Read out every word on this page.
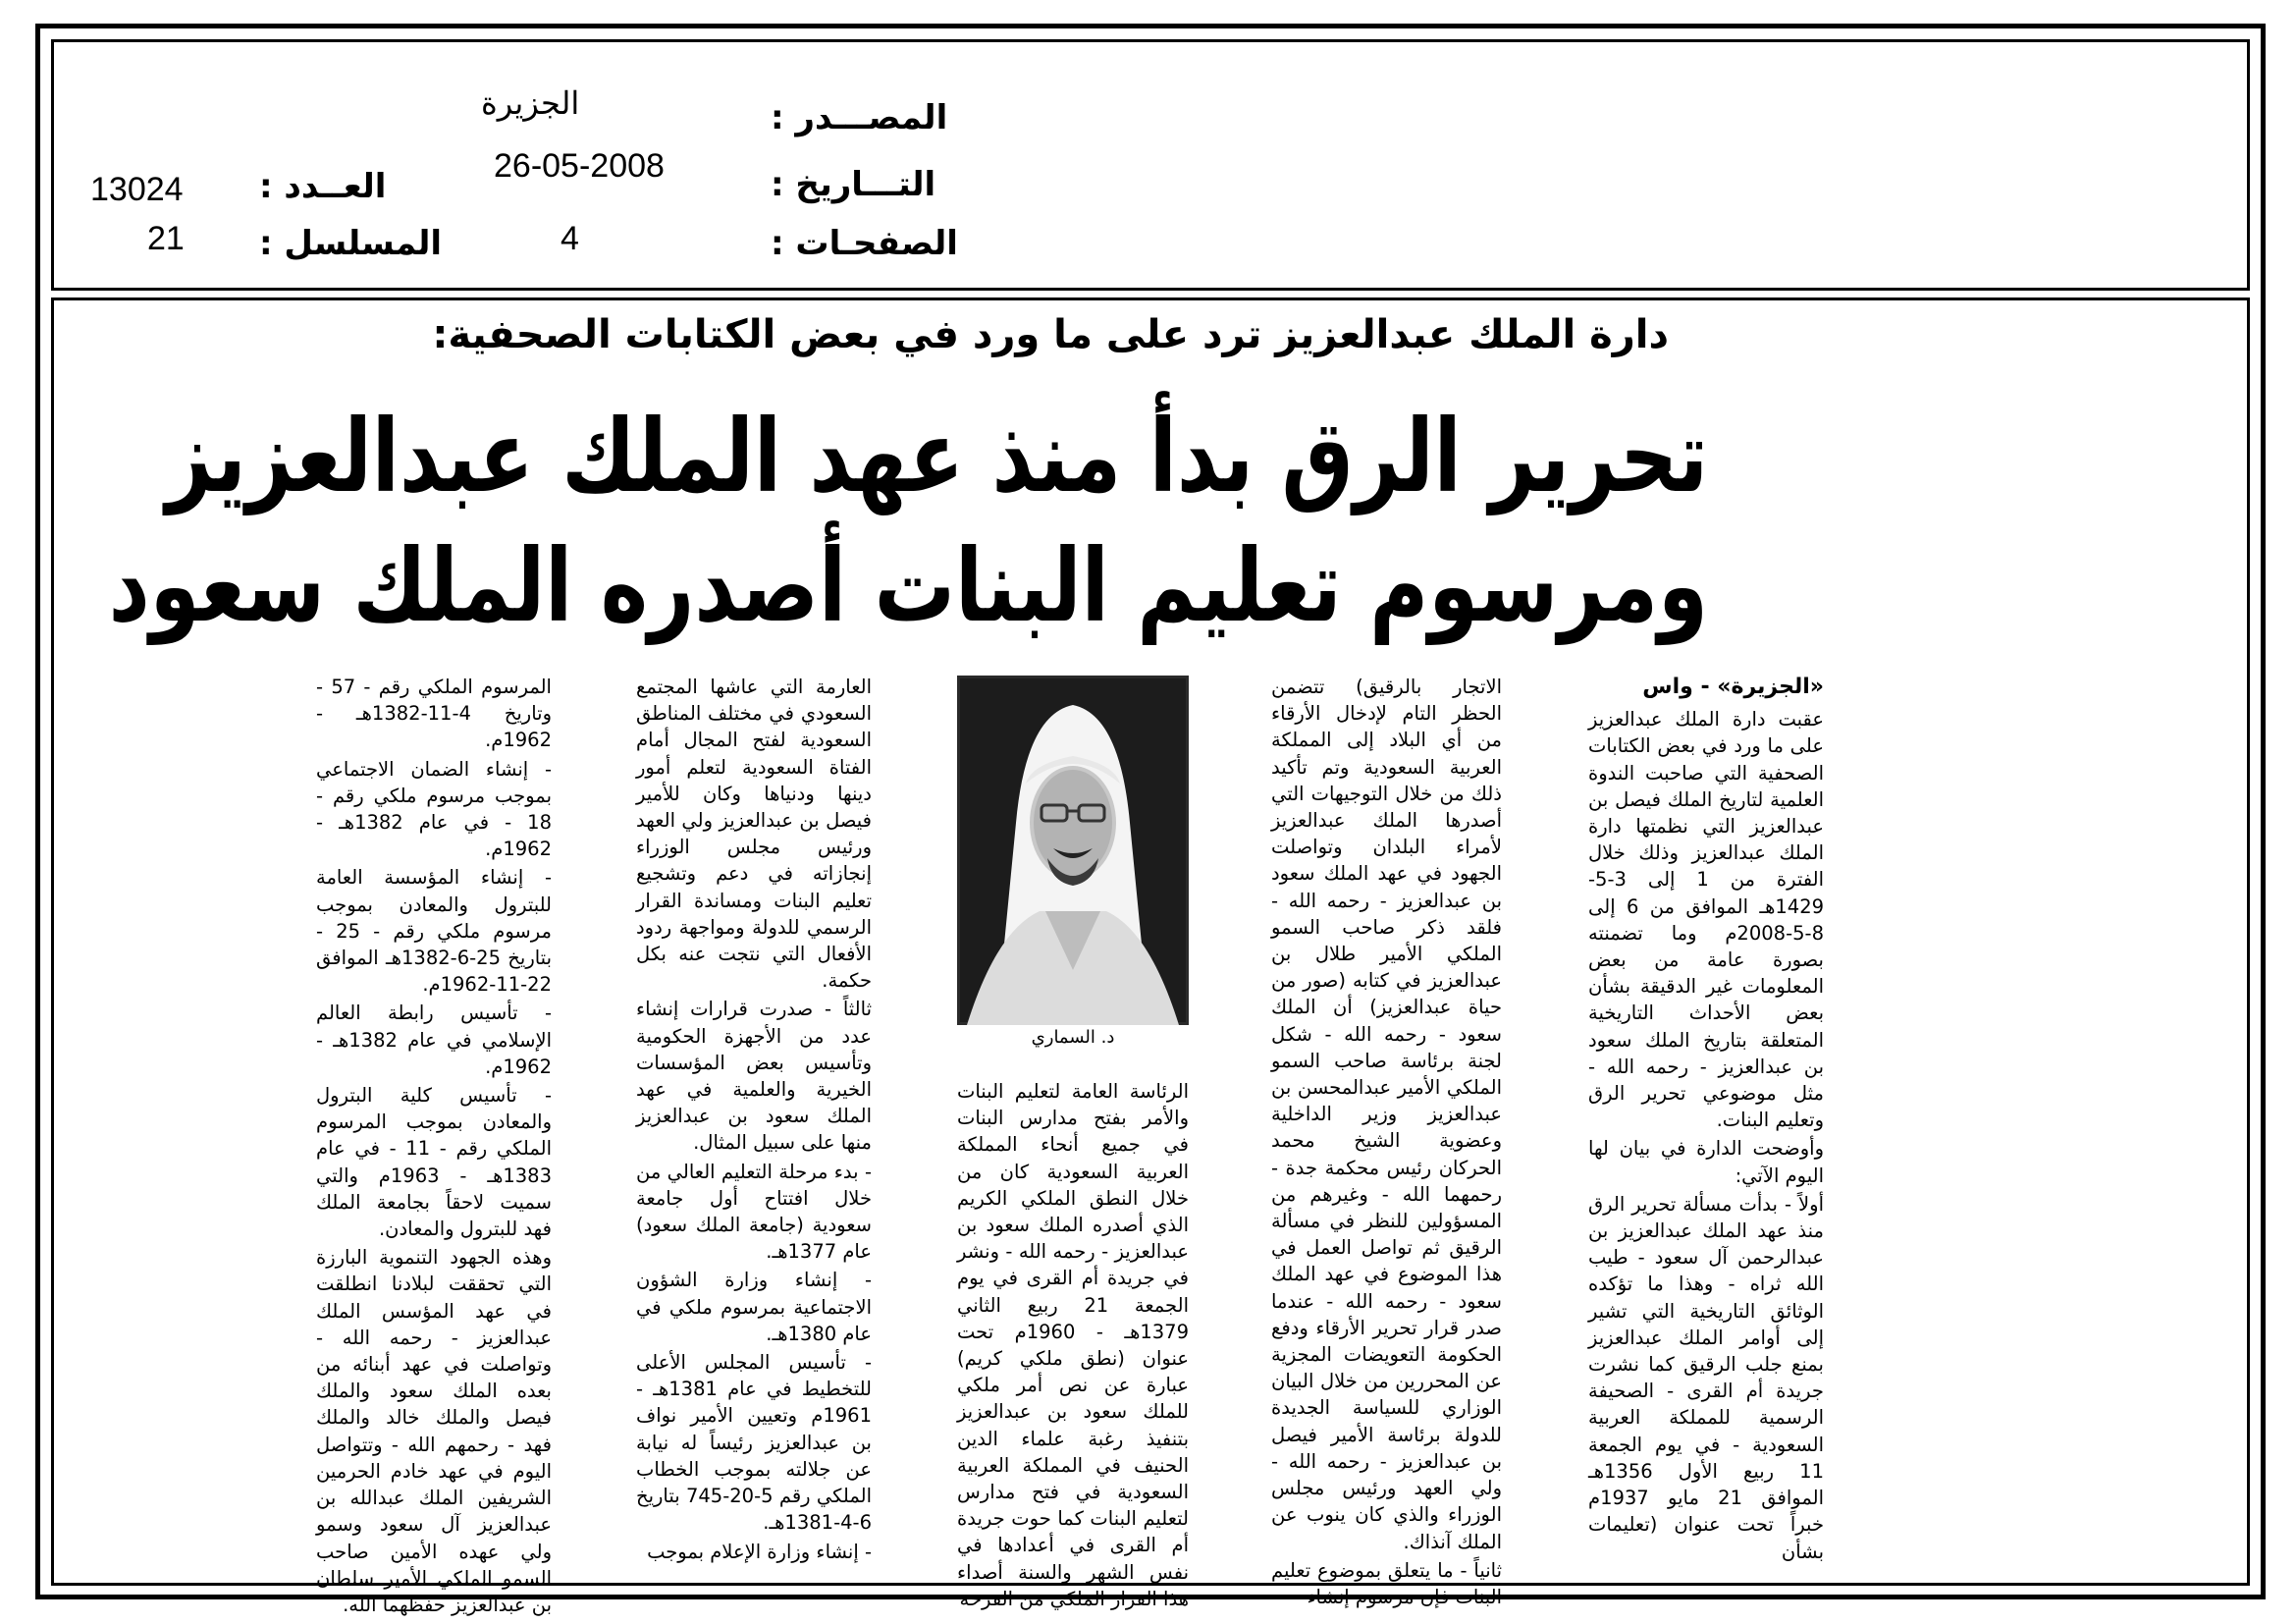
الجزيرة	المصـــدر :
26-05-2008	التـــاريخ :
4	الصفحـات :
13024 العــدد :
21 المسلسل :
دارة الملك عبدالعزيز ترد على ما ورد في بعض الكتابات الصحفية:
تحرير الرق بدأ منذ عهد الملك عبدالعزيز
ومرسوم تعليم البنات أصدره الملك سعود

«الجزيرة» - واس

عقبت دارة الملك عبدالعزيز على ما ورد في بعض الكتابات الصحفية التي صاحبت الندوة العلمية لتاريخ الملك فيصل بن عبدالعزيز التي نظمتها دارة الملك عبدالعزيز وذلك خلال الفترة من 1 إلى 3-5-1429هـ الموافق من 6 إلى 8-5-2008م وما تضمنته بصورة عامة من بعض المعلومات غير الدقيقة بشأن بعض الأحداث التاريخية المتعلقة بتاريخ الملك سعود بن عبدالعزيز - رحمه الله - مثل موضوعي تحرير الرق وتعليم البنات.

وأوضحت الدارة في بيان لها اليوم الآتي:

أولاً - بدأت مسألة تحرير الرق منذ عهد الملك عبدالعزيز بن عبدالرحمن آل سعود - طيب الله ثراه - وهذا ما تؤكده الوثائق التاريخية التي تشير إلى أوامر الملك عبدالعزيز بمنع جلب الرقيق كما نشرت جريدة أم القرى - الصحيفة الرسمية للمملكة العربية السعودية - في يوم الجمعة 11 ربيع الأول 1356هـ الموافق 21 مايو 1937م خبراً تحت عنوان (تعليمات بشأن

الاتجار بالرقيق) تتضمن الحظر التام لإدخال الأرقاء من أي البلاد إلى المملكة العربية السعودية وتم تأكيد ذلك من خلال التوجيهات التي أصدرها الملك عبدالعزيز لأمراء البلدان وتواصلت الجهود في عهد الملك سعود بن عبدالعزيز - رحمه الله - فلقد ذكر صاحب السمو الملكي الأمير طلال بن عبدالعزيز في كتابه (صور من حياة عبدالعزيز) أن الملك سعود - رحمه الله - شكل لجنة برئاسة صاحب السمو الملكي الأمير عبدالمحسن بن عبدالعزيز وزير الداخلية وعضوية الشيخ محمد الحركان رئيس محكمة جدة - رحمهما الله - وغيرهم من المسؤولين للنظر في مسألة الرقيق ثم تواصل العمل في هذا الموضوع في عهد الملك سعود - رحمه الله - عندما صدر قرار تحرير الأرقاء ودفع الحكومة التعويضات المجزية عن المحررين من خلال البيان الوزاري للسياسة الجديدة للدولة برئاسة الأمير فيصل بن عبدالعزيز - رحمه الله - ولي العهد ورئيس مجلس الوزراء والذي كان ينوب عن الملك آنذاك.

ثانياً - ما يتعلق بموضوع تعليم البنات فإن مرسوم إنشاء

د. السماري

الرئاسة العامة لتعليم البنات والأمر بفتح مدارس البنات في جميع أنحاء المملكة العربية السعودية كان من خلال النطق الملكي الكريم الذي أصدره الملك سعود بن عبدالعزيز - رحمه الله - ونشر في جريدة أم القرى في يوم الجمعة 21 ربيع الثاني 1379هـ - 1960م تحت عنوان (نطق ملكي كريم) عبارة عن نص أمر ملكي للملك سعود بن عبدالعزيز بتنفيذ رغبة علماء الدين الحنيف في المملكة العربية السعودية في فتح مدارس لتعليم البنات كما حوت جريدة أم القرى في أعدادها في نفس الشهر والسنة أصداء هذا القرار الملكي من الفرحة

العارمة التي عاشها المجتمع السعودي في مختلف المناطق السعودية لفتح المجال أمام الفتاة السعودية لتعلم أمور دينها ودنياها وكان للأمير فيصل بن عبدالعزيز ولي العهد ورئيس مجلس الوزراء إنجازاته في دعم وتشجيع تعليم البنات ومساندة القرار الرسمي للدولة ومواجهة ردود الأفعال التي نتجت عنه بكل حكمة.

ثالثاً - صدرت قرارات إنشاء عدد من الأجهزة الحكومية وتأسيس بعض المؤسسات الخيرية والعلمية في عهد الملك سعود بن عبدالعزيز منها على سبيل المثال.

- بدء مرحلة التعليم العالي من خلال افتتاح أول جامعة سعودية (جامعة الملك سعود) عام 1377هـ.

- إنشاء وزارة الشؤون الاجتماعية بمرسوم ملكي في عام 1380هـ.

- تأسيس المجلس الأعلى للتخطيط في عام 1381هـ - 1961م وتعيين الأمير نواف بن عبدالعزيز رئيساً له نيابة عن جلالته بموجب الخطاب الملكي رقم 5-20-745 بتاريخ 6-4-1381هـ.

- إنشاء وزارة الإعلام بموجب

المرسوم الملكي رقم - 57 - وتاريخ 4-11-1382هـ - 1962م.

- إنشاء الضمان الاجتماعي بموجب مرسوم ملكي رقم - 18 - في عام 1382هـ - 1962م.

- إنشاء المؤسسة العامة للبترول والمعادن بموجب مرسوم ملكي رقم - 25 - بتاريخ 25-6-1382هـ الموافق 22-11-1962م.

- تأسيس رابطة العالم الإسلامي في عام 1382هـ - 1962م.

- تأسيس كلية البترول والمعادن بموجب المرسوم الملكي رقم - 11 - في عام 1383هـ - 1963م والتي سميت لاحقاً بجامعة الملك فهد للبترول والمعادن.

وهذه الجهود التنموية البارزة التي تحققت لبلادنا انطلقت في عهد المؤسس الملك عبدالعزيز - رحمه الله - وتواصلت في عهد أبنائه من بعده الملك سعود والملك فيصل والملك خالد والملك فهد - رحمهم الله - وتتواصل اليوم في عهد خادم الحرمين الشريفين الملك عبدالله بن عبدالعزيز آل سعود وسمو ولي عهده الأمين صاحب السمو الملكي الأمير سلطان بن عبدالعزيز حفظهما الله.
